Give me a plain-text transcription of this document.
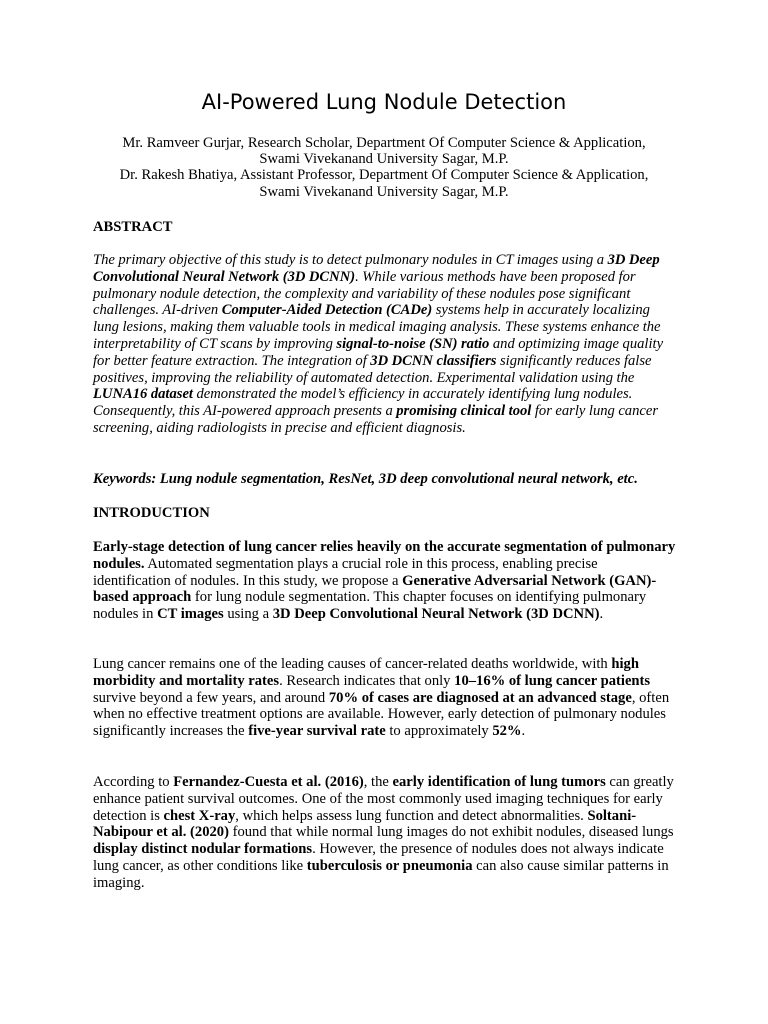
AI-Powered Lung Nodule Detection
Mr. Ramveer Gurjar, Research Scholar, Department Of Computer Science & Application,
Swami Vivekanand University Sagar, M.P.
Dr. Rakesh Bhatiya, Assistant Professor, Department Of Computer Science & Application,
Swami Vivekanand University Sagar, M.P.
ABSTRACT

The primary objective of this study is to detect pulmonary nodules in CT images using a 3D Deep Convolutional Neural Network (3D DCNN). While various methods have been proposed for pulmonary nodule detection, the complexity and variability of these nodules pose significant challenges. AI-driven Computer-Aided Detection (CADe) systems help in accurately localizing lung lesions, making them valuable tools in medical imaging analysis. These systems enhance the interpretability of CT scans by improving signal-to-noise (SN) ratio and optimizing image quality for better feature extraction. The integration of 3D DCNN classifiers significantly reduces false positives, improving the reliability of automated detection. Experimental validation using the LUNA16 dataset demonstrated the model’s efficiency in accurately identifying lung nodules. Consequently, this AI-powered approach presents a promising clinical tool for early lung cancer screening, aiding radiologists in precise and efficient diagnosis.

Keywords: Lung nodule segmentation, ResNet, 3D deep convolutional neural network, etc.
INTRODUCTION

Early-stage detection of lung cancer relies heavily on the accurate segmentation of pulmonary nodules. Automated segmentation plays a crucial role in this process, enabling precise identification of nodules. In this study, we propose a Generative Adversarial Network (GAN)-based approach for lung nodule segmentation. This chapter focuses on identifying pulmonary nodules in CT images using a 3D Deep Convolutional Neural Network (3D DCNN).

Lung cancer remains one of the leading causes of cancer-related deaths worldwide, with high morbidity and mortality rates. Research indicates that only 10–16% of lung cancer patients survive beyond a few years, and around 70% of cases are diagnosed at an advanced stage, often when no effective treatment options are available. However, early detection of pulmonary nodules significantly increases the five-year survival rate to approximately 52%.

According to Fernandez-Cuesta et al. (2016), the early identification of lung tumors can greatly enhance patient survival outcomes. One of the most commonly used imaging techniques for early detection is chest X-ray, which helps assess lung function and detect abnormalities. Soltani-Nabipour et al. (2020) found that while normal lung images do not exhibit nodules, diseased lungs display distinct nodular formations. However, the presence of nodules does not always indicate lung cancer, as other conditions like tuberculosis or pneumonia can also cause similar patterns in imaging.
